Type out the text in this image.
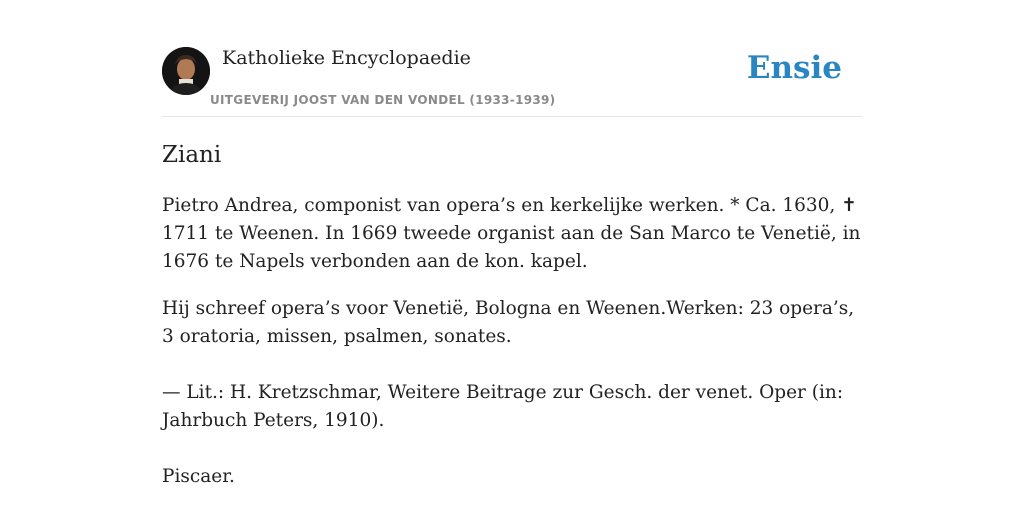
Katholieke Encyclopaedie
UITGEVERIJ JOOST VAN DEN VONDEL (1933-1939)
Ensie
Ziani

Pietro Andrea, componist van opera’s en kerkelijke werken. * Ca. 1630, ✝ 1711 te Weenen. In 1669 tweede organist aan de San Marco te Venetië, in 1676 te Napels verbonden aan de kon. kapel.

Hij schreef opera’s voor Venetië, Bologna en Weenen.Werken: 23 opera’s, 3 oratoria, missen, psalmen, sonates.

— Lit.: H. Kretzschmar, Weitere Beitrage zur Gesch. der venet. Oper (in: Jahrbuch Peters, 1910).

Piscaer.
